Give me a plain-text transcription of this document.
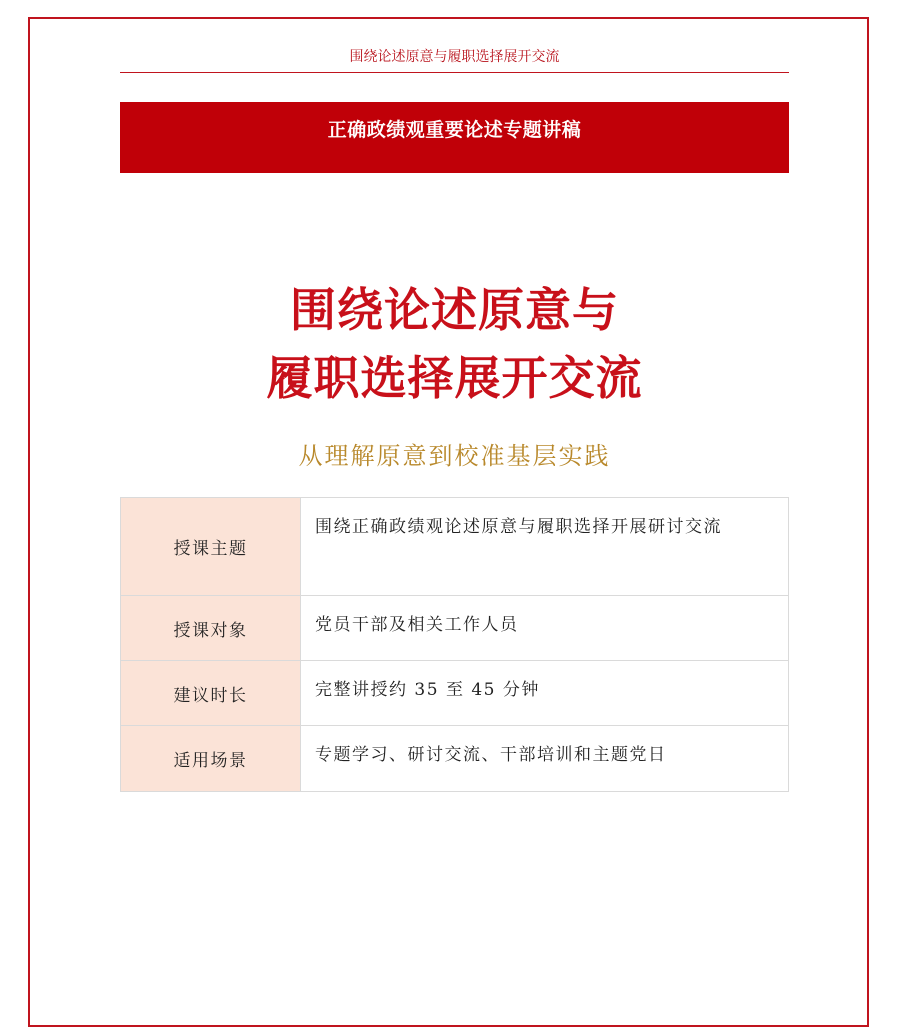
围绕论述原意与履职选择展开交流
正确政绩观重要论述专题讲稿
围绕论述原意与
履职选择展开交流
从理解原意到校准基层实践
授课主题	围绕正确政绩观论述原意与履职选择开展研讨交流
授课对象	党员干部及相关工作人员
建议时长	完整讲授约 35 至 45 分钟
适用场景	专题学习、研讨交流、干部培训和主题党日
